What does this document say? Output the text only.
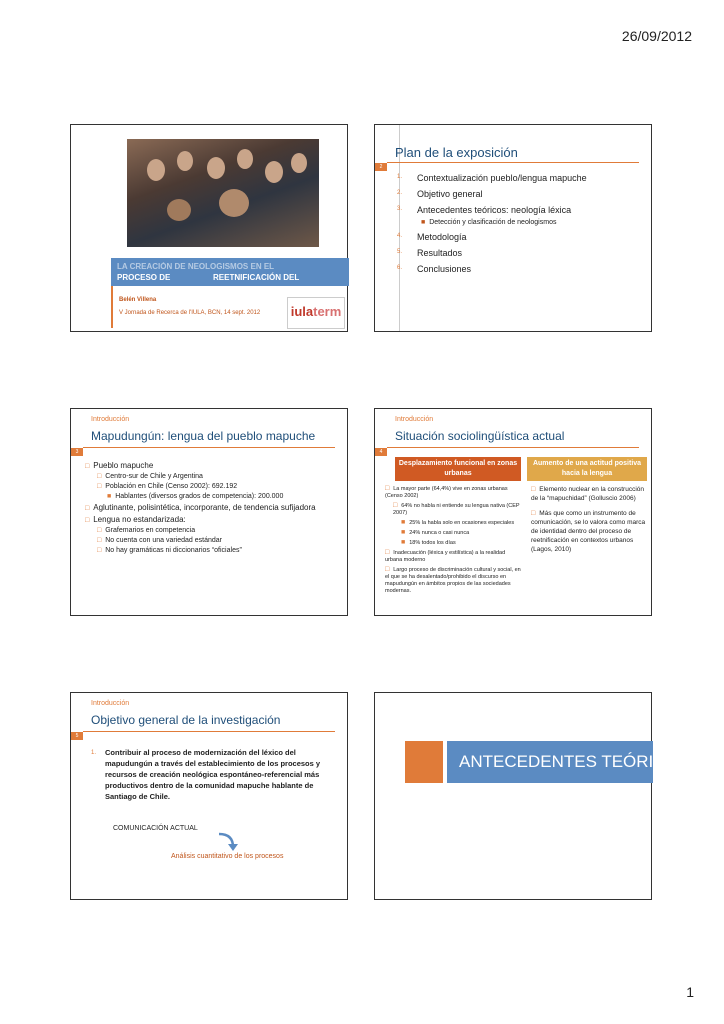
26/09/2012
LA CREACIÓN DE NEOLOGISMOS EN EL
PROCESO DE	REETNIFICACIÓN DEL
Belén Villena
V Jornada de Recerca de l'IULA, BCN, 14 sept. 2012 iulaterm
Plan de la exposición
2
1. Contextualización pueblo/lengua mapuche
2. Objetivo general
3. Antecedentes teóricos: neología léxica
■ Detección y clasificación de neologismos
4. Metodología
5. Resultados
6. Conclusiones
Introducción
Mapudungún: lengua del pueblo mapuche
3
□ Pueblo mapuche
□ Centro-sur de Chile y Argentina
□ Población en Chile (Censo 2002): 692.192
■ Hablantes (diversos grados de competencia): 200.000
□ Aglutinante, polisintética, incorporante, de tendencia sufijadora
□ Lengua no estandarizada:
□ Grafemarios en competencia
□ No cuenta con una variedad estándar
□ No hay gramáticas ni diccionarios “oficiales”
Introducción
Situación sociolingüística actual
4
Desplazamiento funcional en zonas urbanas
Aumento de una actitud positiva hacia la lengua
□ La mayor parte (64,4%) vive en zonas urbanas (Censo 2002)
□ 64% no habla ni entiende su lengua nativa (CEP 2007)
■ 25% la habla solo en ocasiones especiales
■ 24% nunca o casi nunca
■ 18% todos los días
□ Inadecuación (léxica y estilística) a la realidad urbana moderno
□ Largo proceso de discriminación cultural y social, en el que se ha desalentado/prohibido el discurso en mapudungún en ámbitos propios de las sociedades modernas.
□ Elemento nuclear en la construcción de la “mapuchidad” (Golluscio 2006)
□ Más que como un instrumento de comunicación, se lo valora como marca de identidad dentro del proceso de reetnificación en contextos urbanos (Lagos, 2010)
Introducción
Objetivo general de la investigación
5
1. Contribuir al proceso de modernización del léxico del mapudungún a través del establecimiento de los procesos y recursos de creación neológica espontáneo-referencial más productivos dentro de la comunidad mapuche hablante de Santiago de Chile.
COMUNICACIÓN ACTUAL
Análisis cuantitativo de los procesos
ANTECEDENTES TEÓRICOS
1
